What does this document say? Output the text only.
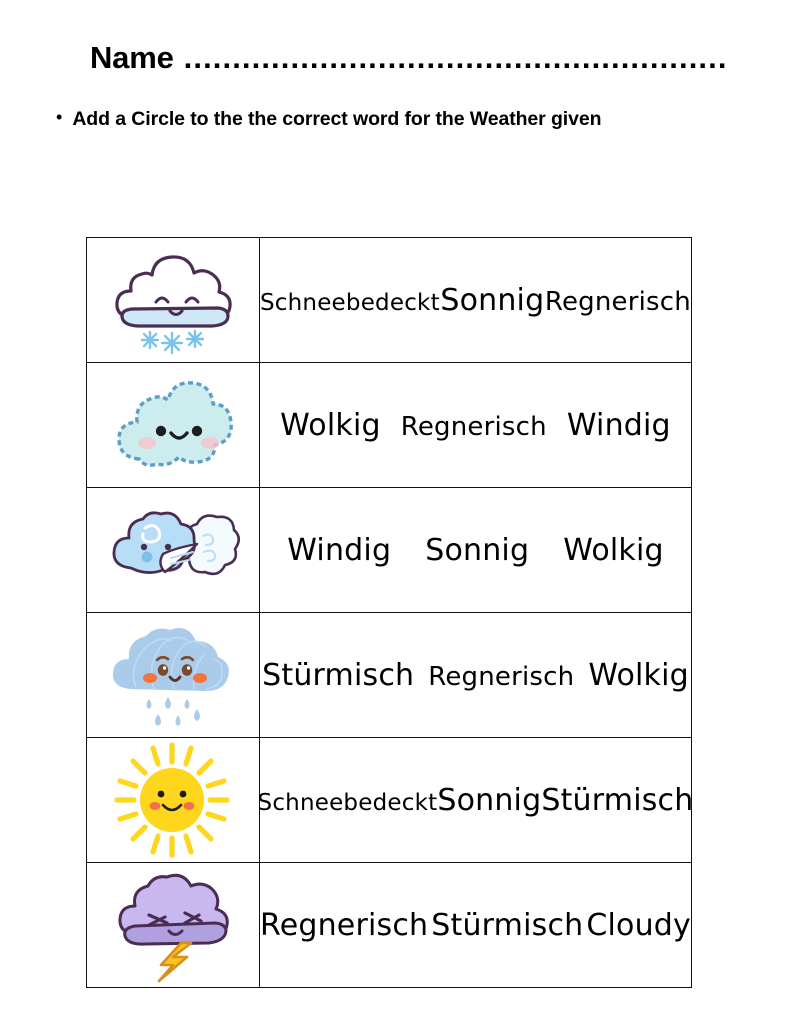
Name ........................................................
• Add a Circle to the the correct word for the Weather given

Schneebedeckt Sonnig Regnerisch

Wolkig Regnerisch Windig

Windig Sonnig Wolkig

Stürmisch Regnerisch Wolkig

Schneebedeckt Sonnig Stürmisch

Regnerisch Stürmisch Cloudy
